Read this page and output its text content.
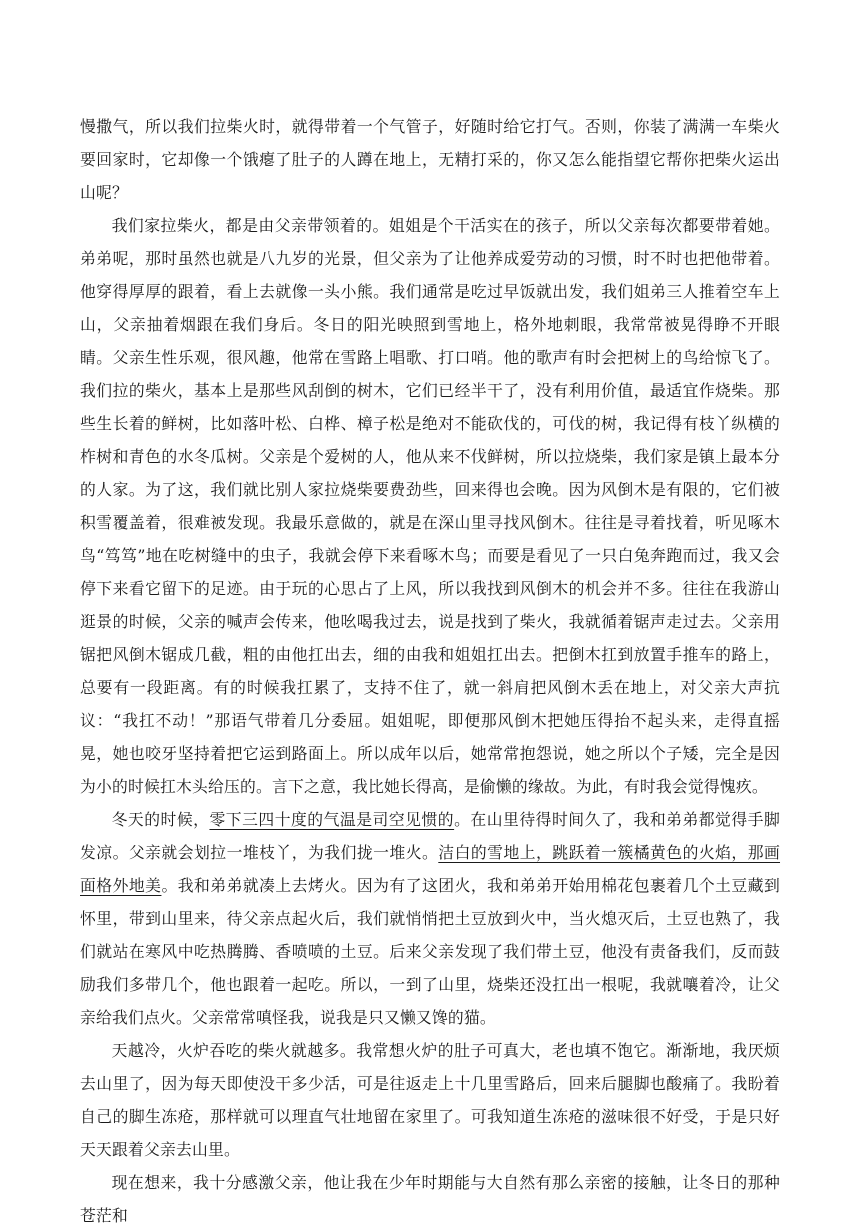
慢撒气，所以我们拉柴火时，就得带着一个气管子，好随时给它打气。否则，你装了满满一车柴火要回家时，它却像一个饿瘪了肚子的人蹲在地上，无精打采的，你又怎么能指望它帮你把柴火运出山呢？

我们家拉柴火，都是由父亲带领着的。姐姐是个干活实在的孩子，所以父亲每次都要带着她。弟弟呢，那时虽然也就是八九岁的光景，但父亲为了让他养成爱劳动的习惯，时不时也把他带着。他穿得厚厚的跟着，看上去就像一头小熊。我们通常是吃过早饭就出发，我们姐弟三人推着空车上山，父亲抽着烟跟在我们身后。冬日的阳光映照到雪地上，格外地刺眼，我常常被晃得睁不开眼睛。父亲生性乐观，很风趣，他常在雪路上唱歌、打口哨。他的歌声有时会把树上的鸟给惊飞了。我们拉的柴火，基本上是那些风刮倒的树木，它们已经半干了，没有利用价值，最适宜作烧柴。那些生长着的鲜树，比如落叶松、白桦、樟子松是绝对不能砍伐的，可伐的树，我记得有枝丫纵横的柞树和青色的水冬瓜树。父亲是个爱树的人，他从来不伐鲜树，所以拉烧柴，我们家是镇上最本分的人家。为了这，我们就比别人家拉烧柴要费劲些，回来得也会晚。因为风倒木是有限的，它们被积雪覆盖着，很难被发现。我最乐意做的，就是在深山里寻找风倒木。往往是寻着找着，听见啄木鸟“笃笃”地在吃树缝中的虫子，我就会停下来看啄木鸟；而要是看见了一只白兔奔跑而过，我又会停下来看它留下的足迹。由于玩的心思占了上风，所以我找到风倒木的机会并不多。往往在我游山逛景的时候，父亲的喊声会传来，他吆喝我过去，说是找到了柴火，我就循着锯声走过去。父亲用锯把风倒木锯成几截，粗的由他扛出去，细的由我和姐姐扛出去。把倒木扛到放置手推车的路上，总要有一段距离。有的时候我扛累了，支持不住了，就一斜肩把风倒木丢在地上，对父亲大声抗议：“我扛不动！”那语气带着几分委屈。姐姐呢，即便那风倒木把她压得抬不起头来，走得直摇晃，她也咬牙坚持着把它运到路面上。所以成年以后，她常常抱怨说，她之所以个子矮，完全是因为小的时候扛木头给压的。言下之意，我比她长得高，是偷懒的缘故。为此，有时我会觉得愧疚。

冬天的时候，零下三四十度的气温是司空见惯的。在山里待得时间久了，我和弟弟都觉得手脚发凉。父亲就会划拉一堆枝丫，为我们拢一堆火。洁白的雪地上，跳跃着一簇橘黄色的火焰，那画面格外地美。我和弟弟就凑上去烤火。因为有了这团火，我和弟弟开始用棉花包裹着几个土豆藏到怀里，带到山里来，待父亲点起火后，我们就悄悄把土豆放到火中，当火熄灭后，土豆也熟了，我们就站在寒风中吃热腾腾、香喷喷的土豆。后来父亲发现了我们带土豆，他没有责备我们，反而鼓励我们多带几个，他也跟着一起吃。所以，一到了山里，烧柴还没扛出一根呢，我就嚷着冷，让父亲给我们点火。父亲常常嗔怪我，说我是只又懒又馋的猫。

天越冷，火炉吞吃的柴火就越多。我常想火炉的肚子可真大，老也填不饱它。渐渐地，我厌烦去山里了，因为每天即使没干多少活，可是往返走上十几里雪路后，回来后腿脚也酸痛了。我盼着自己的脚生冻疮，那样就可以理直气壮地留在家里了。可我知道生冻疮的滋味很不好受，于是只好天天跟着父亲去山里。

现在想来，我十分感激父亲，他让我在少年时期能与大自然有那么亲密的接触，让冬日的那种苍茫和
